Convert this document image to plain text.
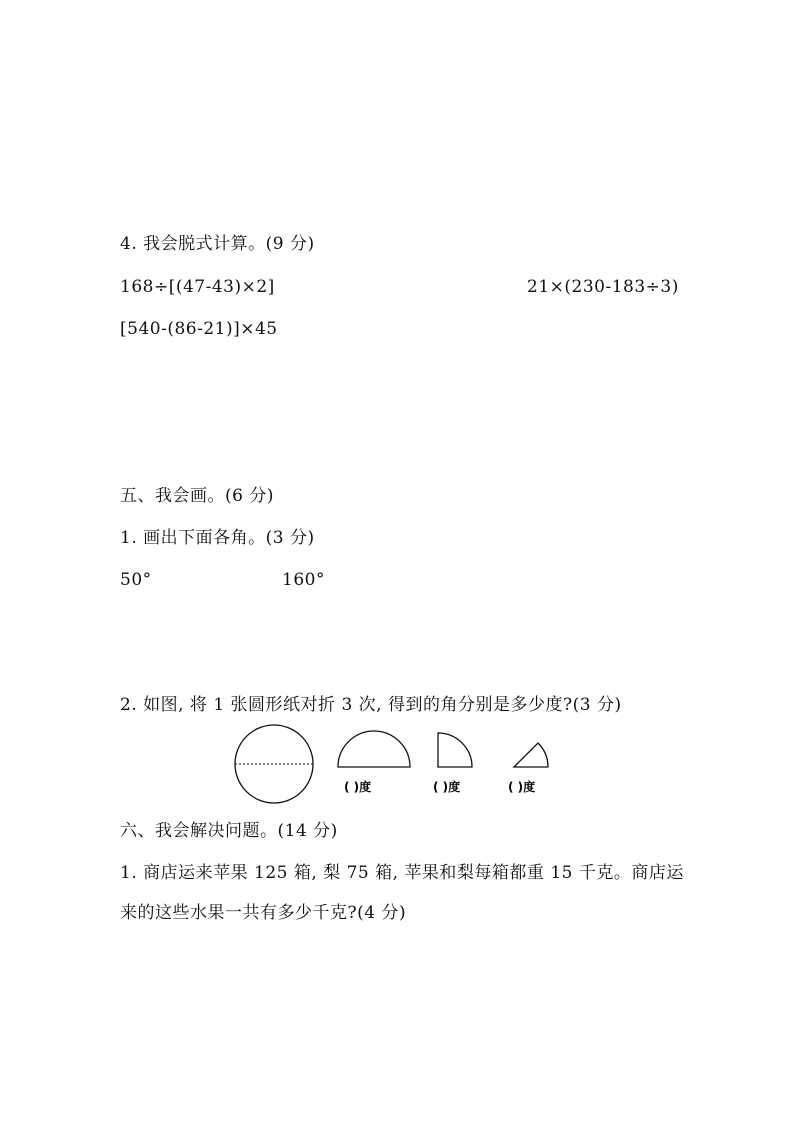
4. 我会脱式计算。(9 分)
168÷[(47-43)×2]	21×(230-183÷3)
[540-(86-21)]×45
五、我会画。(6 分)
1. 画出下面各角。(3 分)
50°	160°
2. 如图, 将 1 张圆形纸对折 3 次, 得到的角分别是多少度?(3 分)
( )度	( )度	( )度
六、我会解决问题。(14 分)
1. 商店运来苹果 125 箱, 梨 75 箱, 苹果和梨每箱都重 15 千克。商店运
来的这些水果一共有多少千克?(4 分)
